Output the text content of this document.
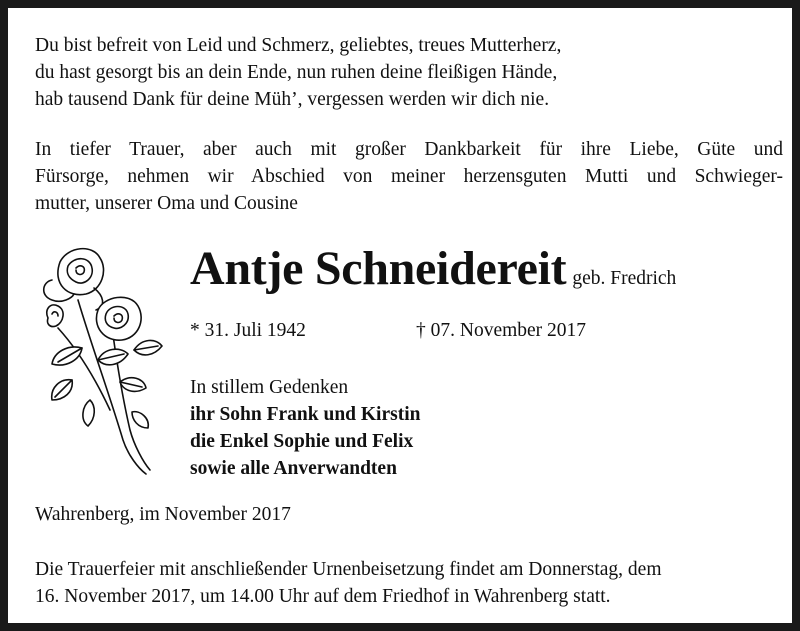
Du bist befreit von Leid und Schmerz, geliebtes, treues Mutterherz,
du hast gesorgt bis an dein Ende, nun ruhen deine fleißigen Hände,
hab tausend Dank für deine Müh’, vergessen werden wir dich nie.

In tiefer Trauer, aber auch mit großer Dankbarkeit für ihre Liebe, Güte und
Fürsorge, nehmen wir Abschied von meiner herzensguten Mutti und Schwieger-
mutter, unserer Oma und Cousine

Antje Schneidereit geb. Fredrich
* 31. Juli 1942	† 07. November 2017
In stillem Gedenken
ihr Sohn Frank und Kirstin
die Enkel Sophie und Felix
sowie alle Anverwandten
Wahrenberg, im November 2017
Die Trauerfeier mit anschließender Urnenbeisetzung findet am Donnerstag, dem
16. November 2017, um 14.00 Uhr auf dem Friedhof in Wahrenberg statt.
